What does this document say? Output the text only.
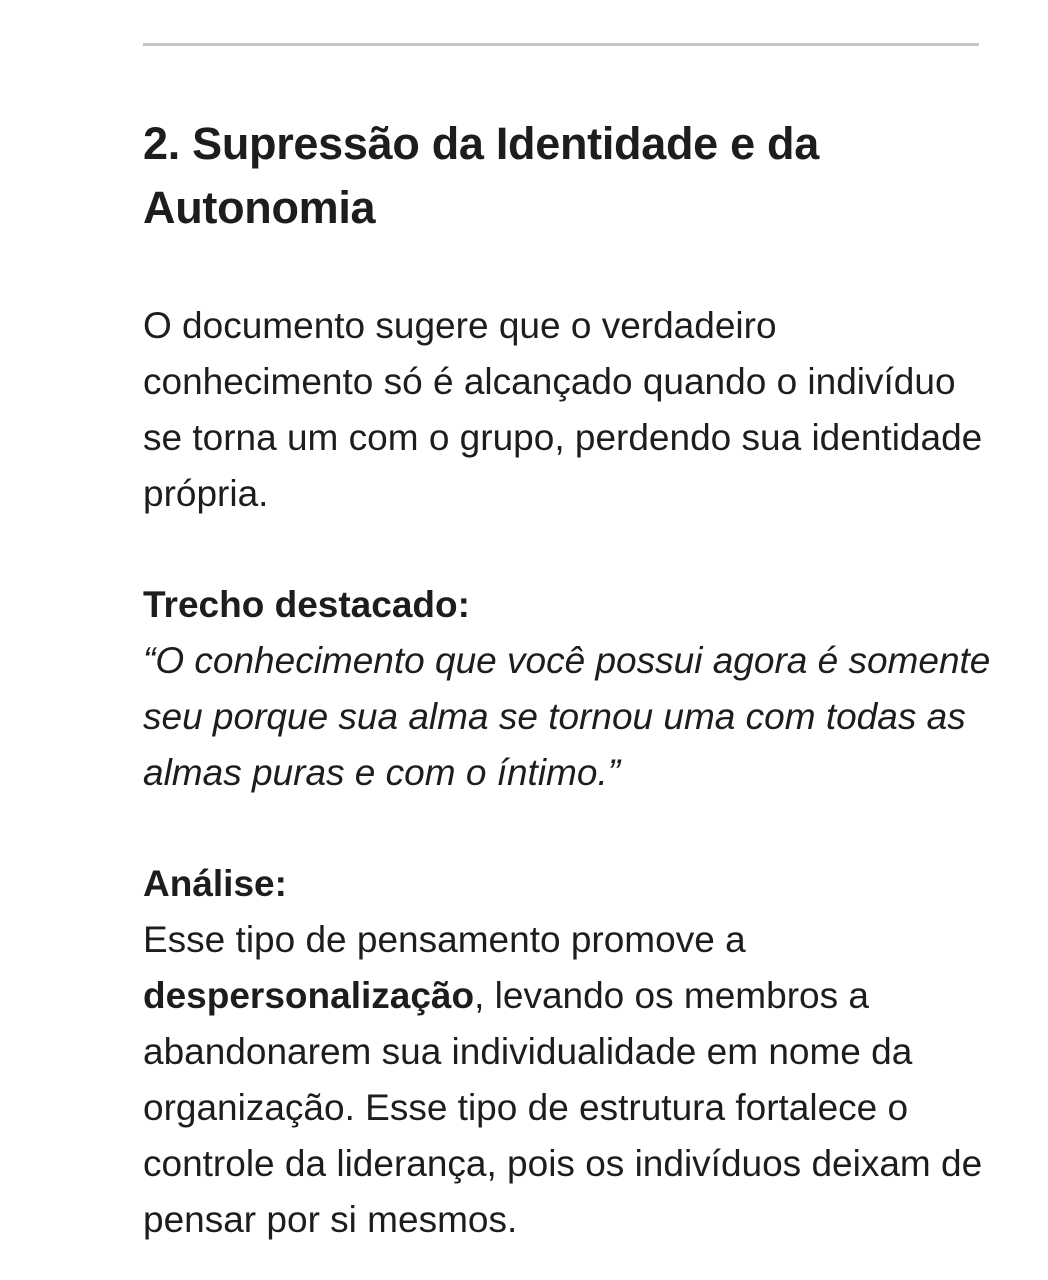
2. Supressão da Identidade e da Autonomia

O documento sugere que o verdadeiro conhecimento só é alcançado quando o indivíduo se torna um com o grupo, perdendo sua identidade própria.

Trecho destacado:

“O conhecimento que você possui agora é somente seu porque sua alma se tornou uma com todas as almas puras e com o íntimo.”

Análise:

Esse tipo de pensamento promove a despersonalização, levando os membros a abandonarem sua individualidade em nome da organização. Esse tipo de estrutura fortalece o controle da liderança, pois os indivíduos deixam de pensar por si mesmos.
